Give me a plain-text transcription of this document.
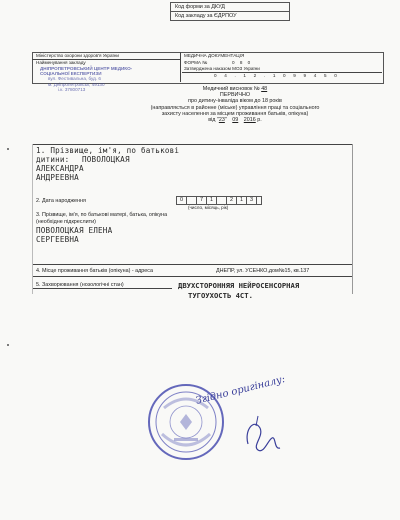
Код форми за ДКУД
Код закладу за ЄДРПОУ
Міністерство охорони здоров'я України
Найменування закладу
ДНІПРОПЕТРОВСЬКИЙ ЦЕНТР МЕДИКО-
СОЦІАЛЬНОЇ ЕКСПЕРТИЗИ
вул. Фестивальна, буд. 6
м. Дніпропетровськ, 49130
і.к. 37800713
МЕДИЧНА ДОКУМЕНТАЦІЯ
ФОРМА №	0 8 0
Затверджена наказом МОЗ України
0 4 . 1 2 . 1 0 9 9 4 5 0
Медичний висновок № 48
ПЕРВИЧНО
про дитину-інваліда віком до 18 років
(направляється в районне (міське) управління праці та соціального
захисту населення за місцем проживання батьків, опікуна)
від "23" 09 2016 р.
1. Прізвище, ім'я, по батькові
дитини: ПОВОЛОЦКАЯ
АЛЕКСАНДРА
АНДРЕЕВНА
0	7	1	2	1	3
2. Дата народження
(число, місяць, рік)
3. Прізвище, ім'я, по батькові матері, батька, опікуна
(необхідне підкреслити)
ПОВОЛОЦКАЯ ЕЛЕНА
СЕРГЕЕВНА
4. Місце проживання батьків (опікуна) - адреса	ДНЕПР, ул. УСЕНКО,дом№15, кв.137
5. Захворювання (нозологічні стан)	ДВУХСТОРОННЯЯ НЕЙРОСЕНСОРНАЯ
ТУГОУХОСТЬ 4СТ.
Згідно оригіналу:
